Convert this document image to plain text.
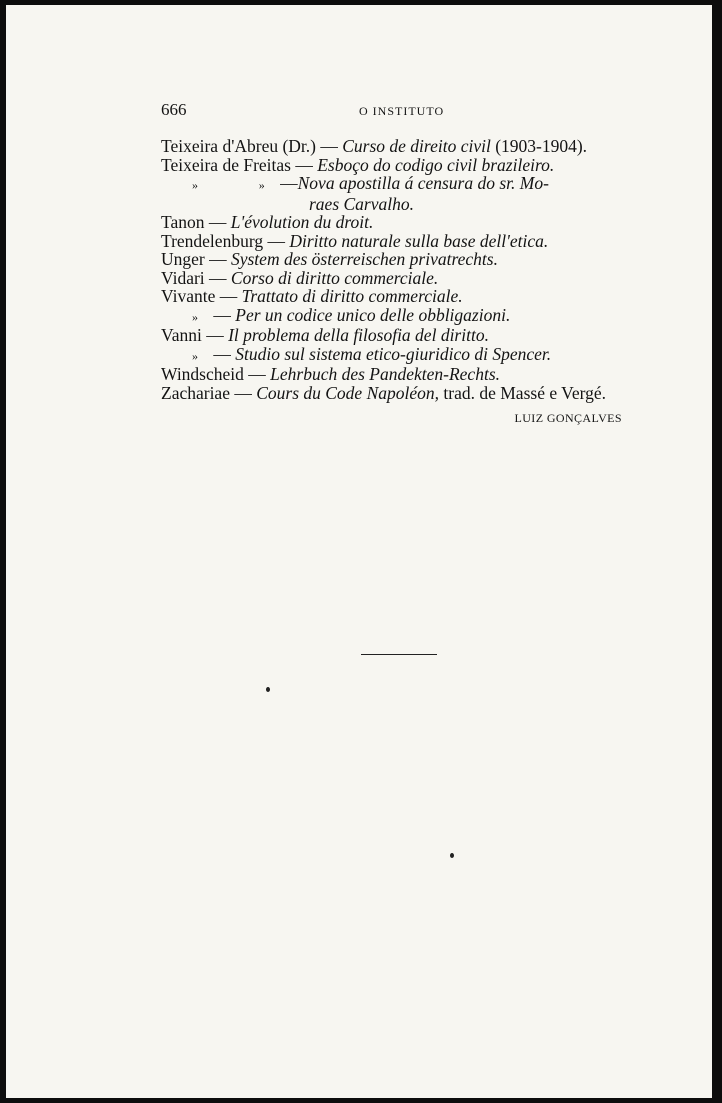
666	O INSTITUTO
Teixeira d'Abreu (Dr.) — Curso de direito civil (1903-1904).
Teixeira de Freitas — Esboço do codigo civil brazileiro.
»	» —Nova apostilla á censura do sr. Mo-
raes Carvalho.
Tanon — L'évolution du droit.
Trendelenburg — Diritto naturale sulla base dell'etica.
Unger — System des österreischen privatrechts.
Vidari — Corso di diritto commerciale.
Vivante — Trattato di diritto commerciale.
» — Per un codice unico delle obbligazioni.
Vanni — Il problema della filosofia del diritto.
» — Studio sul sistema etico-giuridico di Spencer.
Windscheid — Lehrbuch des Pandekten-Rechts.
Zachariae — Cours du Code Napoléon, trad. de Massé e Vergé.
LUIZ GONÇALVES
